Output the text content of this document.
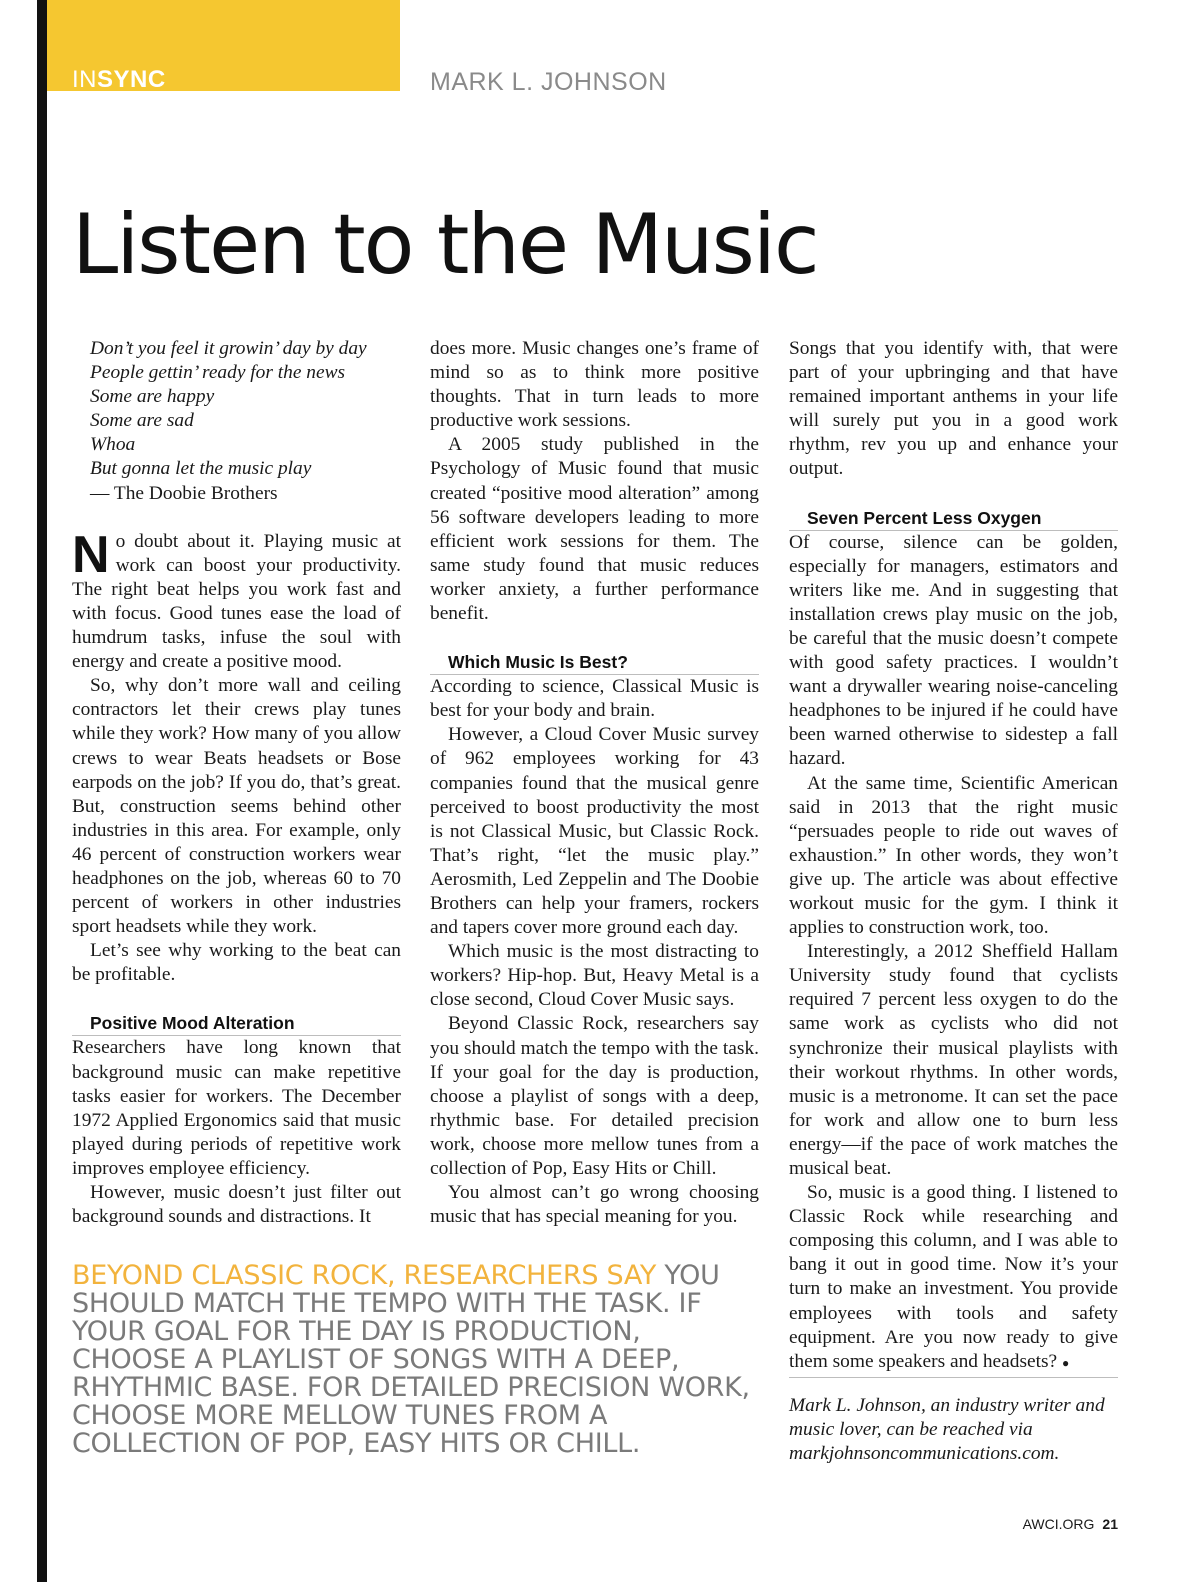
INSYNC	MARK L. JOHNSON
Listen to the Music

Don’t you feel it growin’ day by day

People gettin’ ready for the news

Some are happy

Some are sad

Whoa

But gonna let the music play

— The Doobie Brothers

No doubt about it. Playing music at work can boost your productivity. The right beat helps you work fast and with focus. Good tunes ease the load of humdrum tasks, infuse the soul with energy and create a positive mood.

So, why don’t more wall and ceiling contractors let their crews play tunes while they work? How many of you allow crews to wear Beats headsets or Bose earpods on the job? If you do, that’s great. But, construction seems behind other industries in this area. For example, only 46 percent of construction workers wear headphones on the job, whereas 60 to 70 percent of workers in other industries sport headsets while they work.

Let’s see why working to the beat can be profitable.

Positive Mood Alteration

Researchers have long known that background music can make repetitive tasks easier for workers. The December 1972 Applied Ergonomics said that music played during periods of repetitive work improves employee efficiency.

However, music doesn’t just filter out background sounds and distractions. It

does more. Music changes one’s frame of mind so as to think more positive thoughts. That in turn leads to more productive work sessions.

A 2005 study published in the Psychology of Music found that music created “positive mood alteration” among 56 software developers leading to more efficient work sessions for them. The same study found that music reduces worker anxiety, a further performance benefit.

Which Music Is Best?

According to science, Classical Music is best for your body and brain.

However, a Cloud Cover Music survey of 962 employees working for 43 companies found that the musical genre perceived to boost productivity the most is not Classical Music, but Classic Rock. That’s right, “let the music play.” Aerosmith, Led Zeppelin and The Doobie Brothers can help your framers, rockers and tapers cover more ground each day.

Which music is the most distracting to workers? Hip-hop. But, Heavy Metal is a close second, Cloud Cover Music says.

Beyond Classic Rock, researchers say you should match the tempo with the task. If your goal for the day is production, choose a playlist of songs with a deep, rhythmic base. For detailed precision work, choose more mellow tunes from a collection of Pop, Easy Hits or Chill.

You almost can’t go wrong choosing music that has special meaning for you.

Songs that you identify with, that were part of your upbringing and that have remained important anthems in your life will surely put you in a good work rhythm, rev you up and enhance your output.

Seven Percent Less Oxygen

Of course, silence can be golden, especially for managers, estimators and writers like me. And in suggesting that installation crews play music on the job, be careful that the music doesn’t compete with good safety practices. I wouldn’t want a drywaller wearing noise-canceling headphones to be injured if he could have been warned otherwise to sidestep a fall hazard.

At the same time, Scientific American said in 2013 that the right music “persuades people to ride out waves of exhaustion.” In other words, they won’t give up. The article was about effective workout music for the gym. I think it applies to construction work, too.

Interestingly, a 2012 Sheffield Hallam University study found that cyclists required 7 percent less oxygen to do the same work as cyclists who did not synchronize their musical playlists with their workout rhythms. In other words, music is a metronome. It can set the pace for work and allow one to burn less energy—if the pace of work matches the musical beat.

So, music is a good thing. I listened to Classic Rock while researching and composing this column, and I was able to bang it out in good time. Now it’s your turn to make an investment. You provide employees with tools and safety equipment. Are you now ready to give them some speakers and headsets? ●

BEYOND CLASSIC ROCK, RESEARCHERS SAY YOU SHOULD MATCH THE TEMPO WITH THE TASK. IF YOUR GOAL FOR THE DAY IS PRODUCTION, CHOOSE A PLAYLIST OF SONGS WITH A DEEP, RHYTHMIC BASE. FOR DETAILED PRECISION WORK, CHOOSE MORE MELLOW TUNES FROM A COLLECTION OF POP, EASY HITS OR CHILL.

Mark L. Johnson, an industry writer and music lover, can be reached via markjohnsoncommunications.com.

AWCI.ORG 21
